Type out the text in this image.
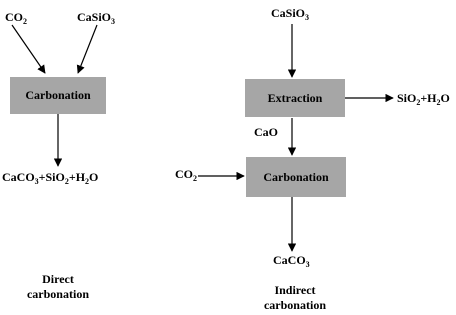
$CO_2$	CaSiO$_3$
Carbonation
$CaCO_3+SiO_2+H_2O$
Direct
carbonation
CaSiO$_3$
Extraction	$SiO_2+H_2O$
CaO
$CO_2$	Carbonation
CaCO$_3$
Indirect
carbonation
